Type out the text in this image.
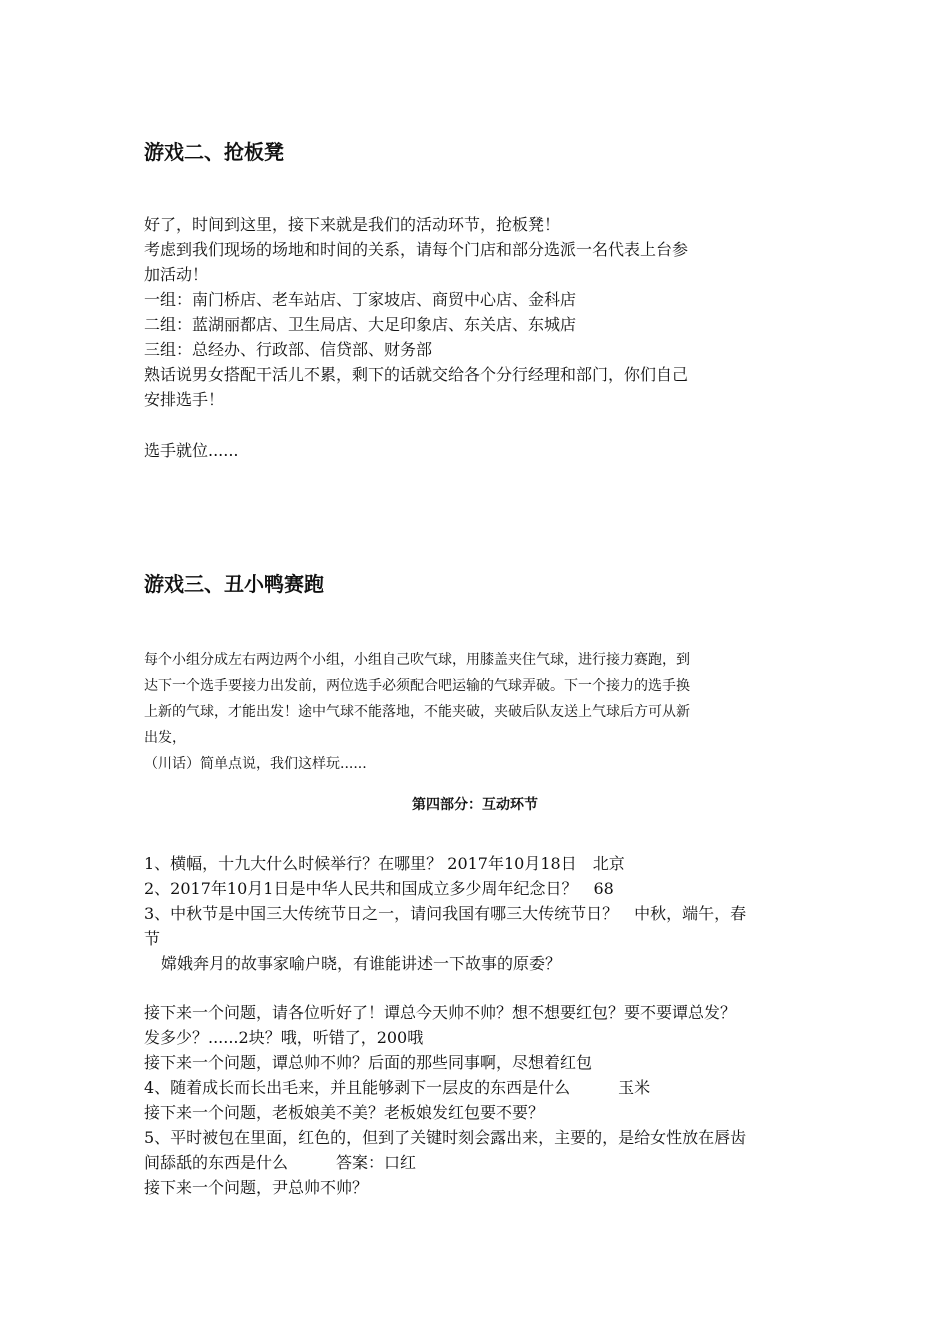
游戏二、抢板凳

好了，时间到这里，接下来就是我们的活动环节，抢板凳！

考虑到我们现场的场地和时间的关系，请每个门店和部分选派一名代表上台参

加活动！

一组：南门桥店、老车站店、丁家坡店、商贸中心店、金科店

二组：蓝湖丽都店、卫生局店、大足印象店、东关店、东城店

三组：总经办、行政部、信贷部、财务部

熟话说男女搭配干活儿不累，剩下的话就交给各个分行经理和部门，你们自己

安排选手！

选手就位......

游戏三、丑小鸭赛跑

每个小组分成左右两边两个小组，小组自己吹气球，用膝盖夹住气球，进行接力赛跑，到

达下一个选手要接力出发前，两位选手必须配合吧运输的气球弄破。下一个接力的选手换

上新的气球，才能出发！途中气球不能落地，不能夹破，夹破后队友送上气球后方可从新

出发，

（川话）简单点说，我们这样玩......

第四部分：互动环节

1、横幅，十九大什么时候举行？在哪里？ 2017年10月18日　北京

2、2017年10月1日是中华人民共和国成立多少周年纪念日？　68

3、中秋节是中国三大传统节日之一，请问我国有哪三大传统节日？　中秋，端午，春

节

嫦娥奔月的故事家喻户晓，有谁能讲述一下故事的原委？

接下来一个问题，请各位听好了！谭总今天帅不帅？想不想要红包？要不要谭总发？

发多少？......2块？哦，听错了，200哦

接下来一个问题，谭总帅不帅？后面的那些同事啊，尽想着红包

4、随着成长而长出毛来，并且能够剥下一层皮的东西是什么　　　玉米

接下来一个问题，老板娘美不美？老板娘发红包要不要？

5、平时被包在里面，红色的，但到了关键时刻会露出来，主要的，是给女性放在唇齿

间舔舐的东西是什么　　　答案：口红

接下来一个问题，尹总帅不帅？
